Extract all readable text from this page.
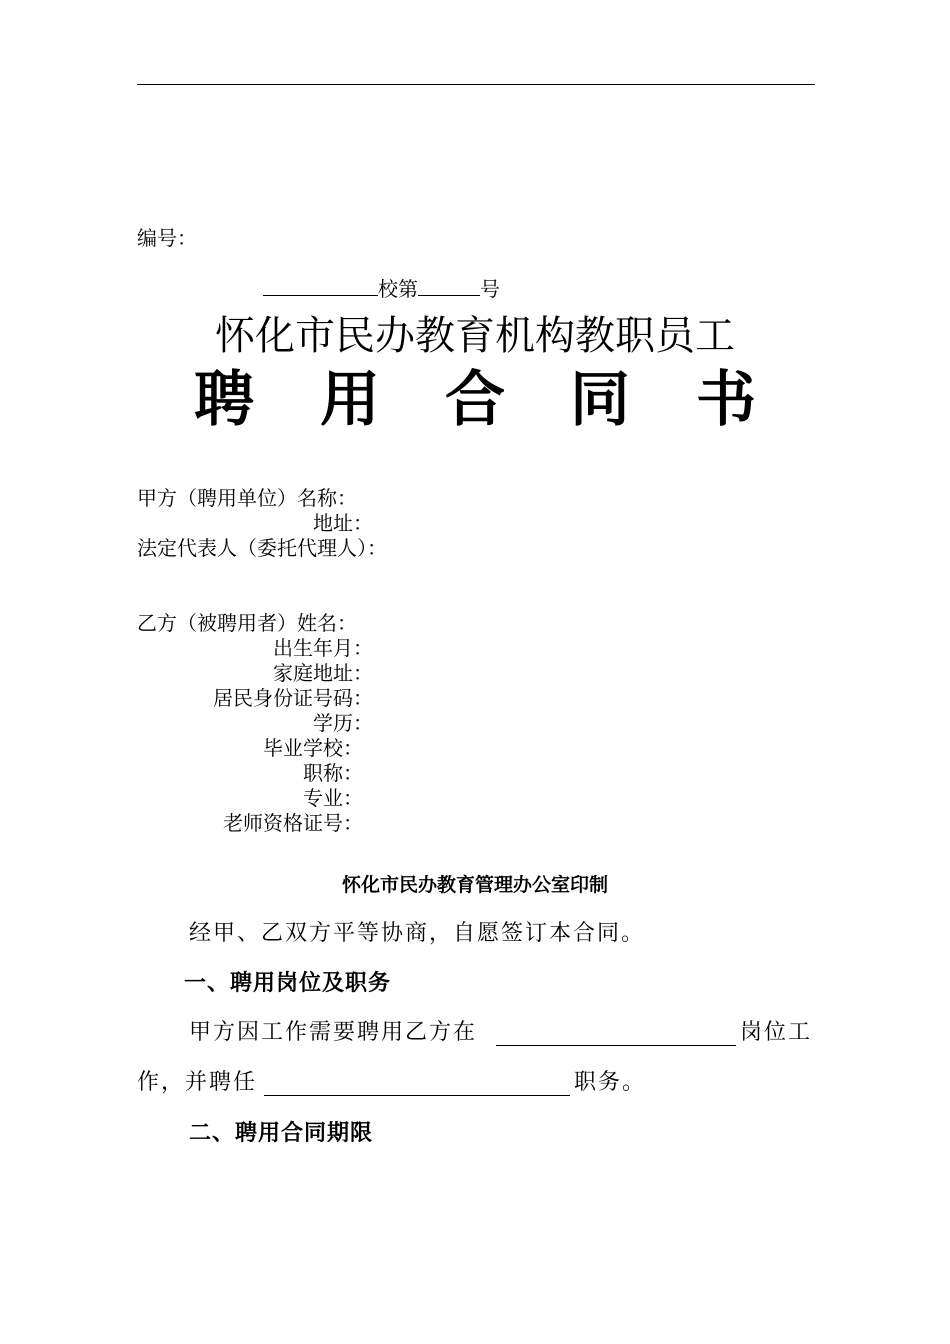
编号：
校第	号
怀化市民办教育机构教职员工
聘 用 合 同 书
甲方（聘用单位）名称：
地址：
法定代表人（委托代理人）：
乙方（被聘用者）姓名：
出生年月：
家庭地址：
居民身份证号码：
学历：
毕业学校：
职称：
专业：
老师资格证号：
怀化市民办教育管理办公室印制
经甲、乙双方平等协商，自愿签订本合同。
一、聘用岗位及职务
甲方因工作需要聘用乙方在	岗位工
作，并聘任	职务。
二、聘用合同期限
